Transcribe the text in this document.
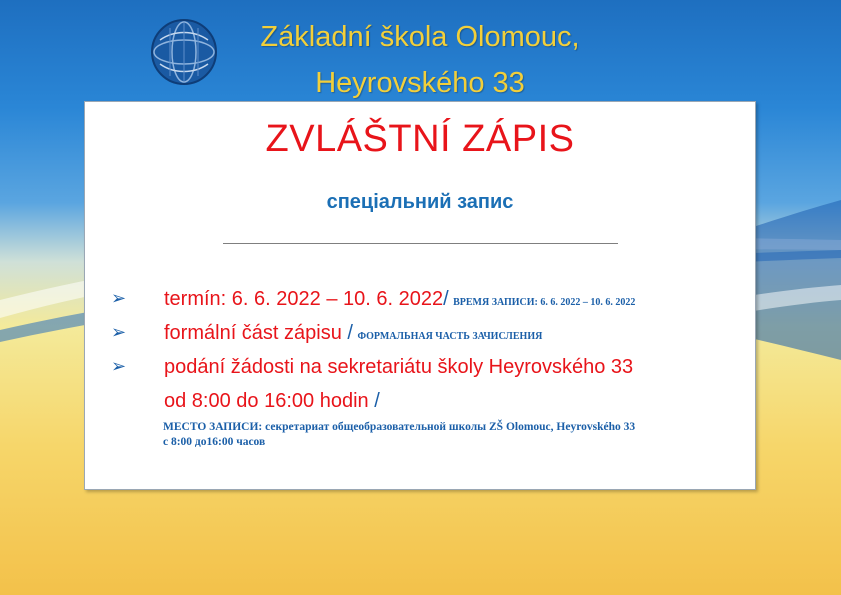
Základní škola Olomouc,
Heyrovského 33
ZVLÁŠTNÍ ZÁPIS
спеціальний запис
➢ termín: 6. 6. 2022 – 10. 6. 2022/ ВРЕМЯ ЗАПИСИ: 6. 6. 2022 – 10. 6. 2022
➢ formální část zápisu / ФОРМАЛЬНАЯ ЧАСТЬ ЗАЧИСЛЕНИЯ
➢ podání žádosti na sekretariátu školy Heyrovského 33
od 8:00 do 16:00 hodin /
МЕСТО ЗАПИСИ: секретариат общеобразовательной школы ZŠ Olomouc, Heyrovského 33
с 8:00 до16:00 часов
